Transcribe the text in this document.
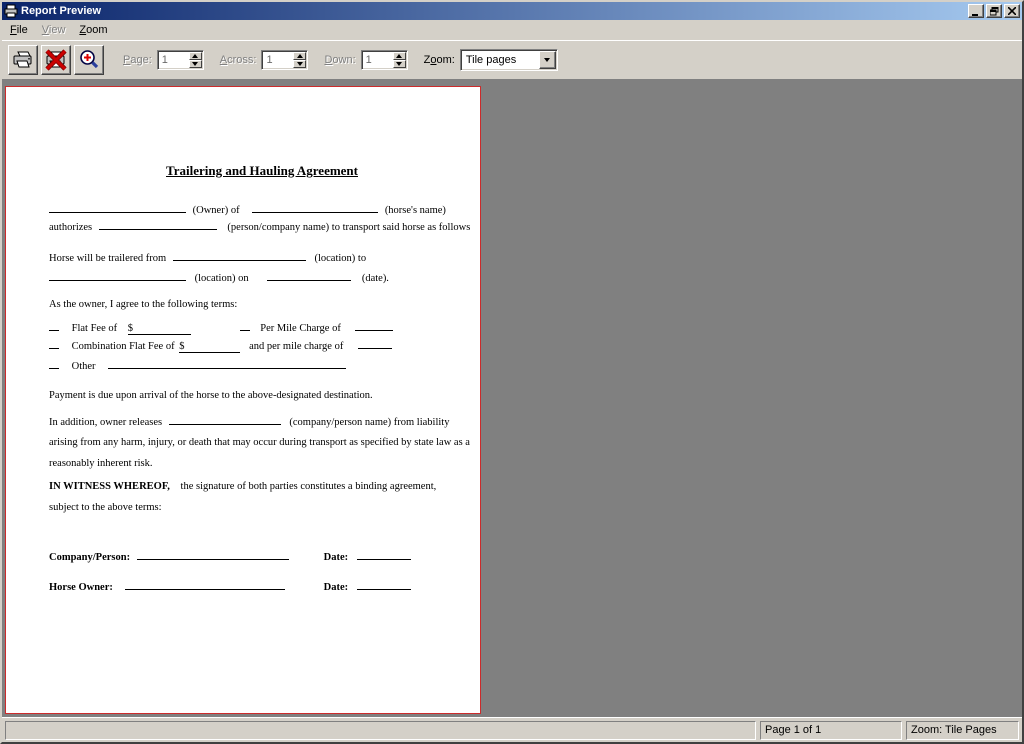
Report Preview
File	View	Zoom
Page: 1	Across: 1	Down: 1	Zoom:	Tile pages
Trailering and Hauling Agreement
(Owner) of	(horse's name)
authorizes	(person/company name) to transport said horse as follows
Horse will be trailered from	(location) to
(location) on	(date).
As the owner, I agree to the following terms:
Flat Fee of $	Per Mile Charge of
Combination Flat Fee of $	and per mile charge of
Other
Payment is due upon arrival of the horse to the above-designated destination.
In addition, owner releases	(company/person name) from liability
arising from any harm, injury, or death that may occur during transport as specified by state law as a
reasonably inherent risk.
IN WITNESS WHEREOF, the signature of both parties constitutes a binding agreement,
subject to the above terms:
Company/Person:	Date:
Horse Owner:	Date:
Page 1 of 1	Zoom: Tile Pages
